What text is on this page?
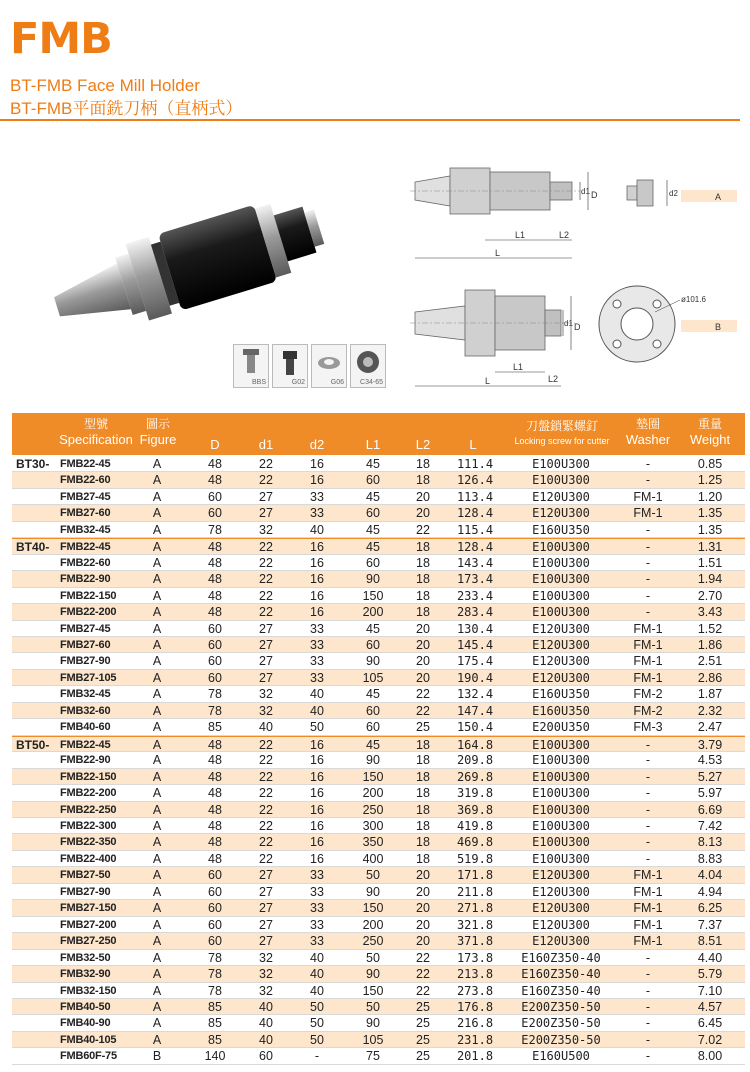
FMB
BT-FMB Face Mill Holder
BT-FMB平面銑刀柄（直柄式）
BBS	G02	G06 C34-65
L1	L2
L
d1 D	d2	A
L1
L2
L
d1 D
ø101.6
B
型號
Specification
圖示
Figure	D	d1	d2	L1	L2	L
刀盤鎖緊螺釘
Locking screw for cutter
墊圈
Washer
重量
Weight
BT30- FMB22-45	A	48	22	16	45	18	111.4	E100U300	-	0.85
FMB22-60	A	48	22	16	60	18	126.4	E100U300	-	1.25
FMB27-45	A	60	27	33	45	20	113.4	E120U300	FM-1	1.20
FMB27-60	A	60	27	33	60	20	128.4	E120U300	FM-1	1.35
FMB32-45	A	78	32	40	45	22	115.4	E160U350	-	1.35
BT40- FMB22-45	A	48	22	16	45	18	128.4	E100U300	-	1.31
FMB22-60	A	48	22	16	60	18	143.4	E100U300	-	1.51
FMB22-90	A	48	22	16	90	18	173.4	E100U300	-	1.94
FMB22-150	A	48	22	16	150	18	233.4	E100U300	-	2.70
FMB22-200	A	48	22	16	200	18	283.4	E100U300	-	3.43
FMB27-45	A	60	27	33	45	20	130.4	E120U300	FM-1	1.52
FMB27-60	A	60	27	33	60	20	145.4	E120U300	FM-1	1.86
FMB27-90	A	60	27	33	90	20	175.4	E120U300	FM-1	2.51
FMB27-105	A	60	27	33	105	20	190.4	E120U300	FM-1	2.86
FMB32-45	A	78	32	40	45	22	132.4	E160U350	FM-2	1.87
FMB32-60	A	78	32	40	60	22	147.4	E160U350	FM-2	2.32
FMB40-60	A	85	40	50	60	25	150.4	E200U350	FM-3	2.47
BT50- FMB22-45	A	48	22	16	45	18	164.8	E100U300	-	3.79
FMB22-90	A	48	22	16	90	18	209.8	E100U300	-	4.53
FMB22-150	A	48	22	16	150	18	269.8	E100U300	-	5.27
FMB22-200	A	48	22	16	200	18	319.8	E100U300	-	5.97
FMB22-250	A	48	22	16	250	18	369.8	E100U300	-	6.69
FMB22-300	A	48	22	16	300	18	419.8	E100U300	-	7.42
FMB22-350	A	48	22	16	350	18	469.8	E100U300	-	8.13
FMB22-400	A	48	22	16	400	18	519.8	E100U300	-	8.83
FMB27-50	A	60	27	33	50	20	171.8	E120U300	FM-1	4.04
FMB27-90	A	60	27	33	90	20	211.8	E120U300	FM-1	4.94
FMB27-150	A	60	27	33	150	20	271.8	E120U300	FM-1	6.25
FMB27-200	A	60	27	33	200	20	321.8	E120U300	FM-1	7.37
FMB27-250	A	60	27	33	250	20	371.8	E120U300	FM-1	8.51
FMB32-50	A	78	32	40	50	22	173.8	E160Z350-40	-	4.40
FMB32-90	A	78	32	40	90	22	213.8	E160Z350-40	-	5.79
FMB32-150	A	78	32	40	150	22	273.8	E160Z350-40	-	7.10
FMB40-50	A	85	40	50	50	25	176.8	E200Z350-50	-	4.57
FMB40-90	A	85	40	50	90	25	216.8	E200Z350-50	-	6.45
FMB40-105	A	85	40	50	105	25	231.8	E200Z350-50	-	7.02
FMB60F-75	B	140	60	-	75	25	201.8	E160U500	-	8.00
